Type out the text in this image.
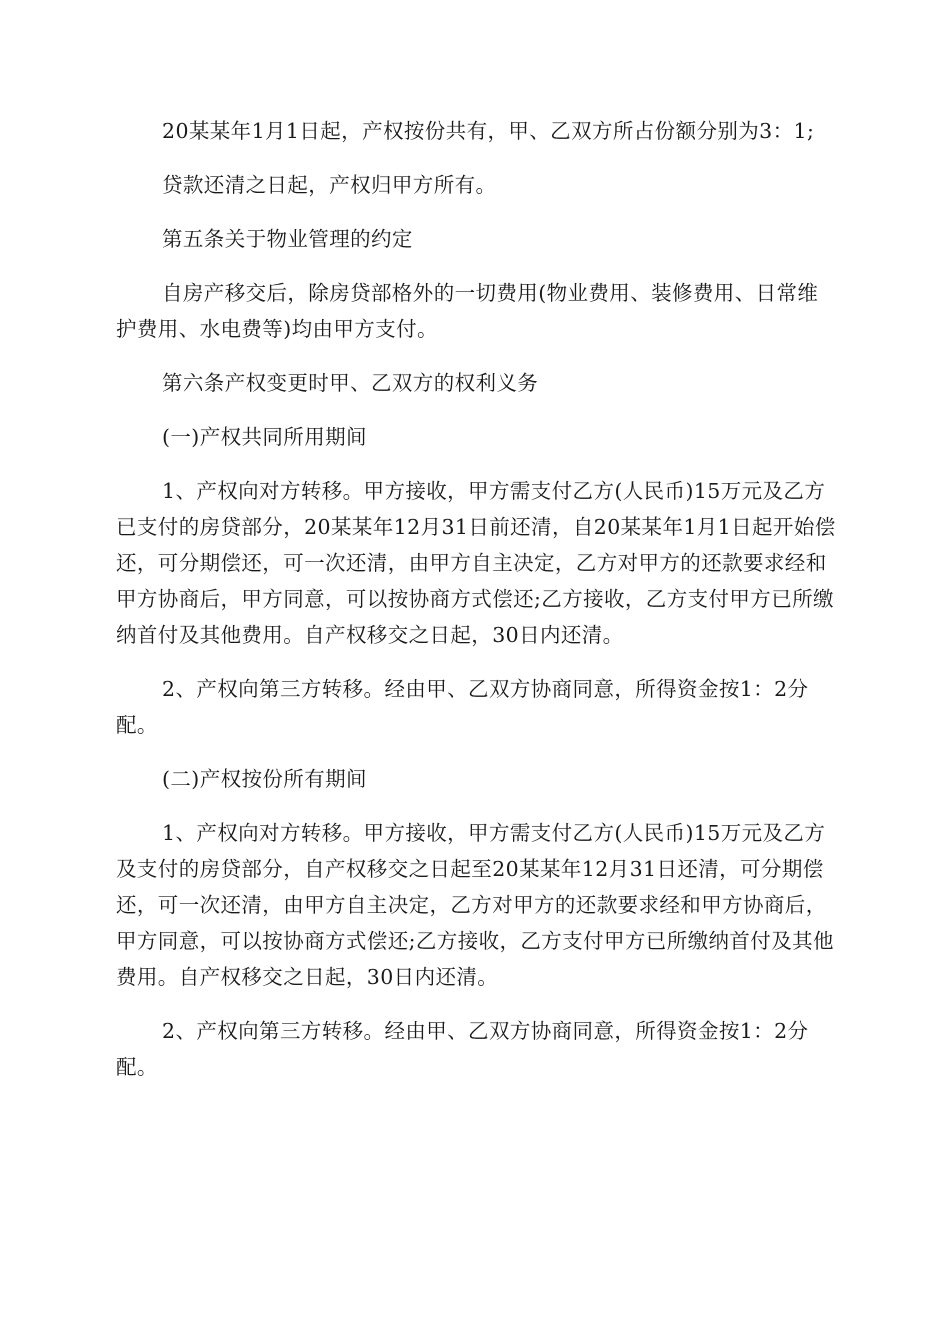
20某某年1月1日起，产权按份共有，甲、乙双方所占份额分别为3：1;

贷款还清之日起，产权归甲方所有。

第五条关于物业管理的约定

自房产移交后，除房贷部格外的一切费用(物业费用、装修费用、日常维护费用、水电费等)均由甲方支付。

第六条产权变更时甲、乙双方的权利义务

(一)产权共同所用期间

1、产权向对方转移。甲方接收，甲方需支付乙方(人民币)15万元及乙方已支付的房贷部分，20某某年12月31日前还清，自20某某年1月1日起开始偿还，可分期偿还，可一次还清，由甲方自主决定，乙方对甲方的还款要求经和甲方协商后，甲方同意，可以按协商方式偿还;乙方接收，乙方支付甲方已所缴纳首付及其他费用。自产权移交之日起，30日内还清。

2、产权向第三方转移。经由甲、乙双方协商同意，所得资金按1：2分配。

(二)产权按份所有期间

1、产权向对方转移。甲方接收，甲方需支付乙方(人民币)15万元及乙方及支付的房贷部分，自产权移交之日起至20某某年12月31日还清，可分期偿还，可一次还清，由甲方自主决定，乙方对甲方的还款要求经和甲方协商后，甲方同意，可以按协商方式偿还;乙方接收，乙方支付甲方已所缴纳首付及其他费用。自产权移交之日起，30日内还清。

2、产权向第三方转移。经由甲、乙双方协商同意，所得资金按1：2分配。
